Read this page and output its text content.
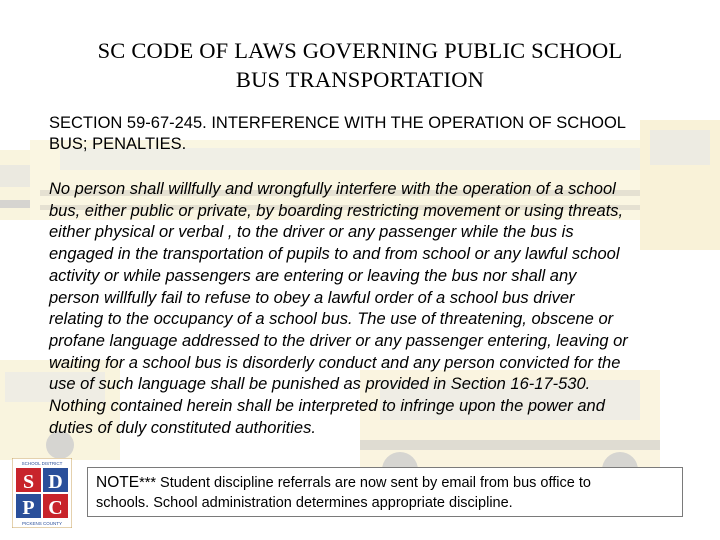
SC CODE OF LAWS GOVERNING PUBLIC SCHOOL
BUS TRANSPORTATION
SECTION 59-67-245. INTERFERENCE WITH THE OPERATION OF SCHOOL
BUS; PENALTIES.
No person shall willfully and wrongfully interfere with the operation of a school
bus, either public or private, by boarding restricting movement or using threats,
either physical or verbal , to the driver or any passenger while the bus is
engaged in the transportation of pupils to and from school or any lawful school
activity or while passengers are entering or leaving the bus nor shall any
person willfully fail to refuse to obey a lawful order of a school bus driver
relating to the occupancy of a school bus. The use of threatening, obscene or
profane language addressed to the driver or any passenger entering, leaving or
waiting for a school bus is disorderly conduct and any person convicted for the
use of such language shall be punished as provided in Section 16-17-530.
Nothing contained herein shall be interpreted to infringe upon the power and
duties of duly constituted authorities.
SCHOOL DISTRICT
S D
P C
PICKENS COUNTY
NOTE*** Student discipline referrals are now sent by email from bus office to
schools. School administration determines appropriate discipline.
